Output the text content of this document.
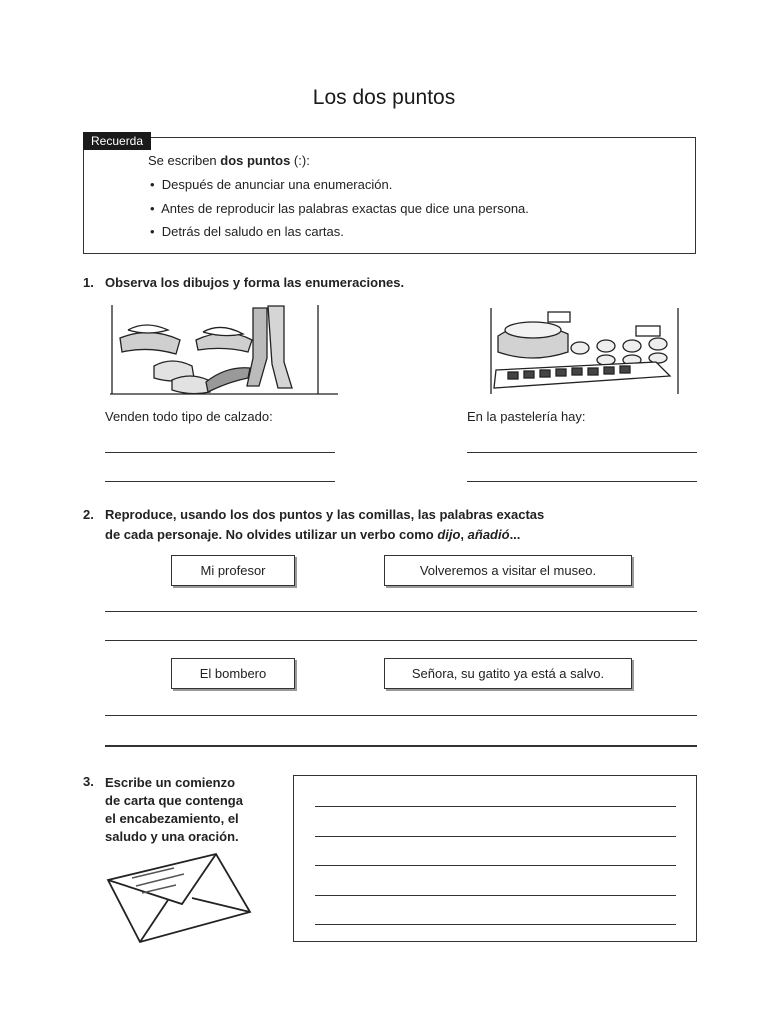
Los dos puntos
Recuerda
Se escriben dos puntos (:):
•  Después de anunciar una enumeración.
•  Antes de reproducir las palabras exactas que dice una persona.
•  Detrás del saludo en las cartas.
1. Observa los dibujos y forma las enumeraciones.
Venden todo tipo de calzado:	En la pastelería hay:
2. Reproduce, usando los dos puntos y las comillas, las palabras exactas
de cada personaje. No olvides utilizar un verbo como dijo, añadió...
Mi profesor	Volveremos a visitar el museo.
El bombero	Señora, su gatito ya está a salvo.
3. Escribe un comienzo
de carta que contenga
el encabezamiento, el
saludo y una oración.
